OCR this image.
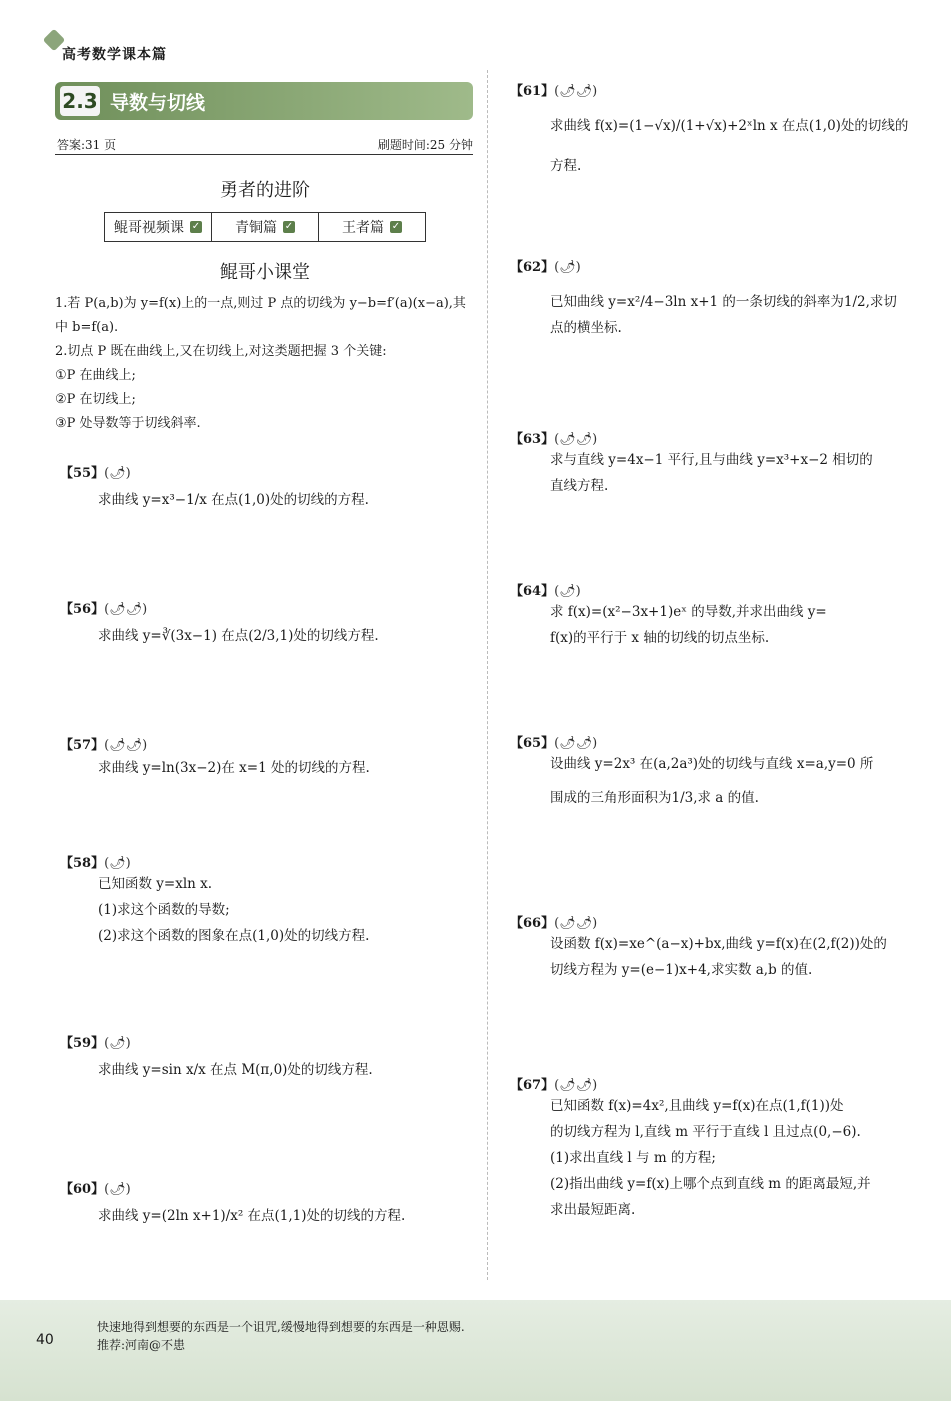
高考数学课本篇
2.3 导数与切线
答案:31 页	刷题时间:25 分钟
勇者的进阶
鲲哥视频课 ✓ 青铜篇 ✓	王者篇 ✓
鲲哥小课堂
1.若 P(a,b)为 y=f(x)上的一点,则过 P 点的切线为 y−b=f′(a)(x−a),其中 b=f(a).
2.切点 P 既在曲线上,又在切线上,对这类题把握 3 个关键:
①P 在曲线上;
②P 在切线上;
③P 处导数等于切线斜率.
【55】(🌶)
求曲线 y=x³−1/x 在点(1,0)处的切线的方程.
【56】(🌶🌶)
求曲线 y=∛(3x−1) 在点(2/3,1)处的切线方程.
【57】(🌶🌶)
求曲线 y=ln(3x−2)在 x=1 处的切线的方程.
【58】(🌶)
已知函数 y=xln x.
(1)求这个函数的导数;
(2)求这个函数的图象在点(1,0)处的切线方程.
【59】(🌶)
求曲线 y=sin x/x 在点 M(π,0)处的切线方程.
【60】(🌶)
求曲线 y=(2ln x+1)/x² 在点(1,1)处的切线的方程.
【61】(🌶🌶)
求曲线 f(x)=(1−√x)/(1+√x)+2ˣln x 在点(1,0)处的切线的
方程.
【62】(🌶)
已知曲线 y=x²/4−3ln x+1 的一条切线的斜率为1/2,求切
点的横坐标.
【63】(🌶🌶)
求与直线 y=4x−1 平行,且与曲线 y=x³+x−2 相切的
直线方程.
【64】(🌶)
求 f(x)=(x²−3x+1)eˣ 的导数,并求出曲线 y=
f(x)的平行于 x 轴的切线的切点坐标.
【65】(🌶🌶)
设曲线 y=2x³ 在(a,2a³)处的切线与直线 x=a,y=0 所
围成的三角形面积为1/3,求 a 的值.
【66】(🌶🌶)
设函数 f(x)=xe^(a−x)+bx,曲线 y=f(x)在(2,f(2))处的
切线方程为 y=(e−1)x+4,求实数 a,b 的值.
【67】(🌶🌶)
已知函数 f(x)=4x²,且曲线 y=f(x)在点(1,f(1))处
的切线方程为 l,直线 m 平行于直线 l 且过点(0,−6).
(1)求出直线 l 与 m 的方程;
(2)指出曲线 y=f(x)上哪个点到直线 m 的距离最短,并
求出最短距离.
40
快速地得到想要的东西是一个诅咒,缓慢地得到想要的东西是一种恩赐.
推荐:河南@不患
